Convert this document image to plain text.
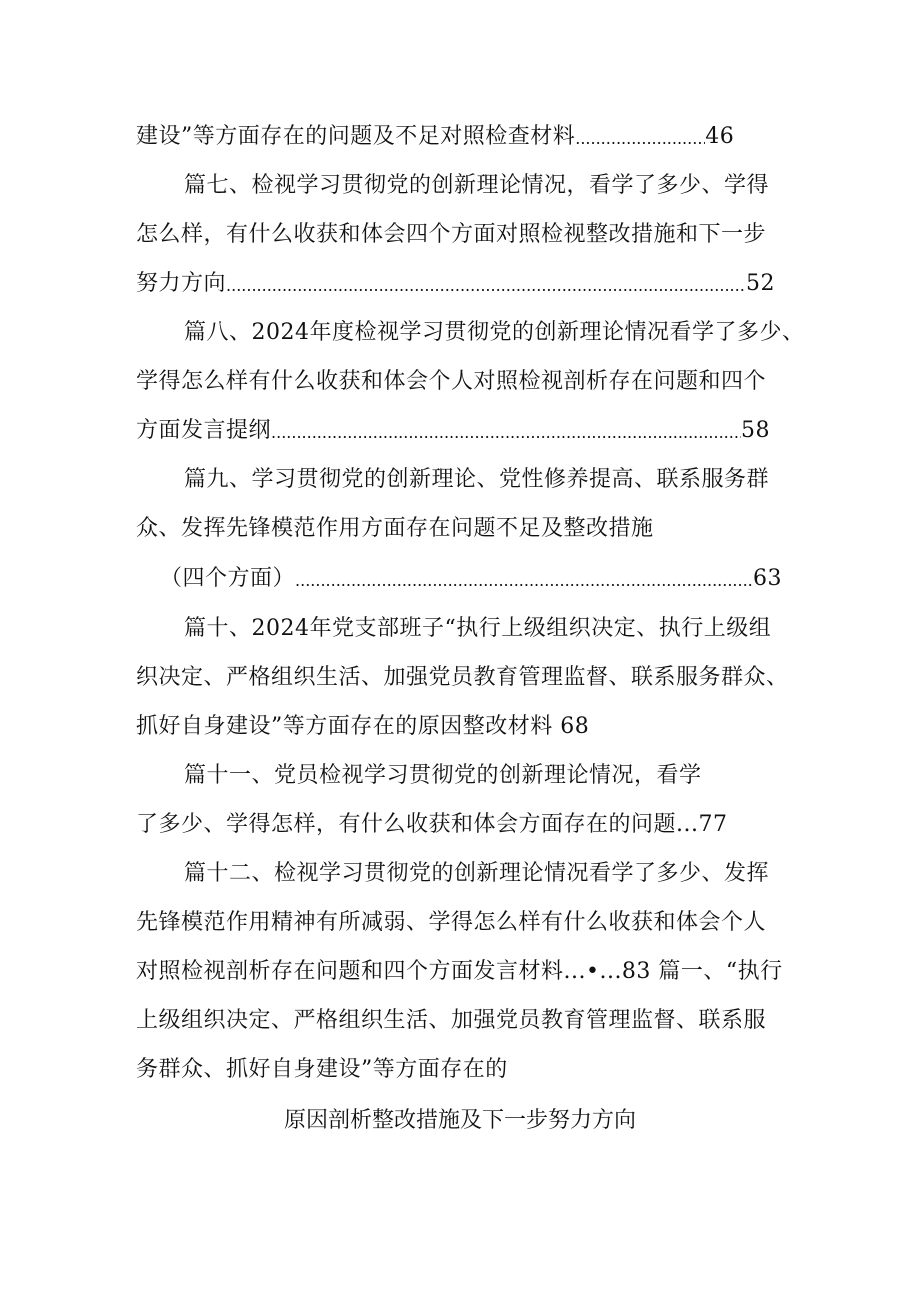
建设”等方面存在的问题及不足对照检查材料 .....	46
篇七、检视学习贯彻党的创新理论情况，看学了多少、学得
怎么样，有什么收获和体会四个方面对照检视整改措施和下一步
努力方向 .....	52
篇八、2024年度检视学习贯彻党的创新理论情况看学了多少、
学得怎么样有什么收获和体会个人对照检视剖析存在问题和四个
方面发言提纲 .....	58
篇九、学习贯彻党的创新理论、党性修养提高、联系服务群
众、发挥先锋模范作用方面存在问题不足及整改措施
（四个方面） .....	63
篇十、2024年党支部班子“执行上级组织决定、执行上级组
织决定、严格组织生活、加强党员教育管理监督、联系服务群众、
抓好自身建设”等方面存在的原因整改材料 68
篇十一、党员检视学习贯彻党的创新理论情况，看学
了多少、学得怎样，有什么收获和体会方面存在的问题...77
篇十二、检视学习贯彻党的创新理论情况看学了多少、发挥
先锋模范作用精神有所减弱、学得怎么样有什么收获和体会个人
对照检视剖析存在问题和四个方面发言材料...•...83 篇一、“执行
上级组织决定、严格组织生活、加强党员教育管理监督、联系服
务群众、抓好自身建设”等方面存在的
原因剖析整改措施及下一步努力方向
